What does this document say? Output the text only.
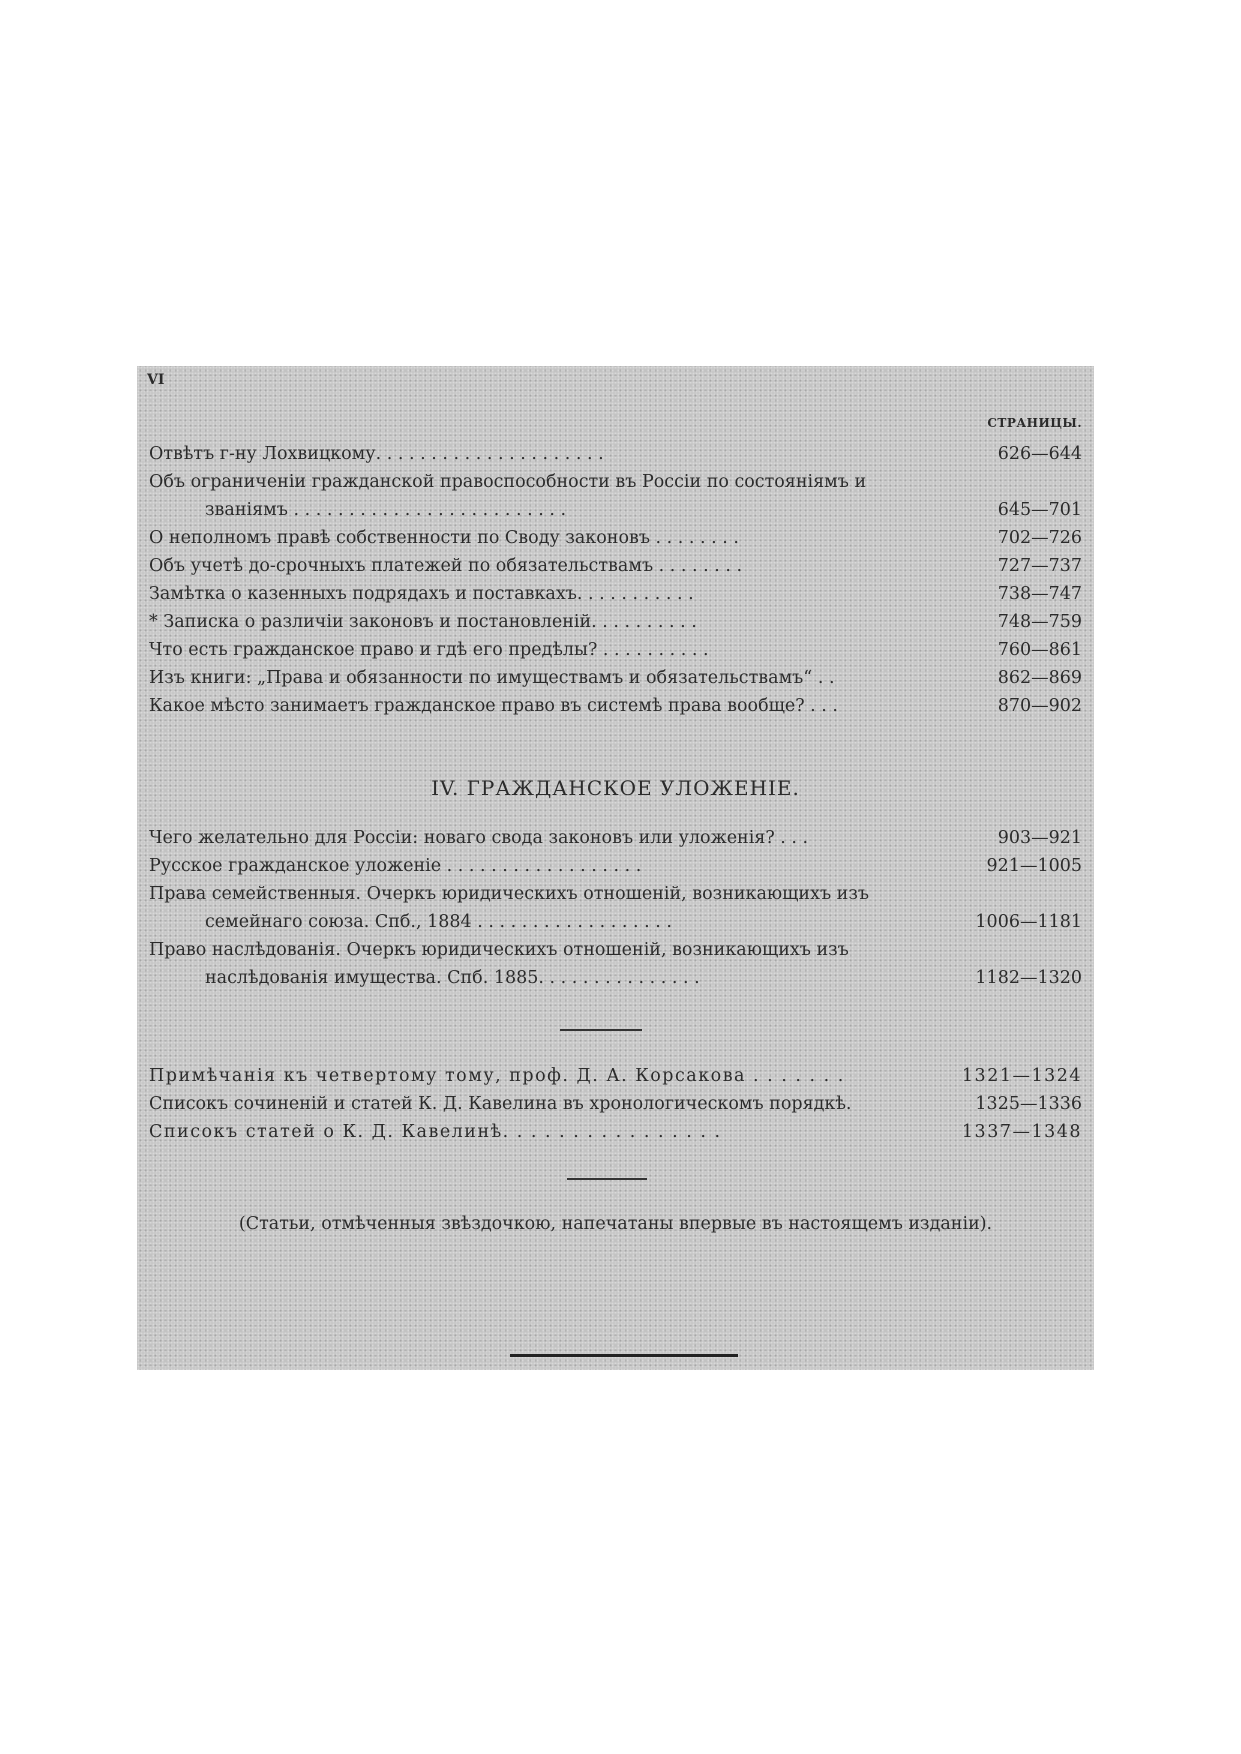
VI
СТРАНИЦЫ.
Отвѣтъ г-ну Лохвицкому. . . . . . . . . . . . . . . . . . . . .	626—644
Объ ограниченіи гражданской правоспособности въ Россіи по состояніямъ и
званіямъ . . . . . . . . . . . . . . . . . . . . . . . . .	645—701
О неполномъ правѣ собственности по Своду законовъ . . . . . . . .	702—726
Объ учетѣ до-срочныхъ платежей по обязательствамъ . . . . . . . .	727—737
Замѣтка о казенныхъ подрядахъ и поставкахъ. . . . . . . . . . .	738—747
* Записка о различіи законовъ и постановленій. . . . . . . . . .	748—759
Что есть гражданское право и гдѣ его предѣлы? . . . . . . . . . .	760—861
Изъ книги: „Права и обязанности по имуществамъ и обязательствамъ“ . .	862—869
Какое мѣсто занимаетъ гражданское право въ системѣ права вообще? . . .	870—902
IV. ГРАЖДАНСКОЕ УЛОЖЕНІЕ.
Чего желательно для Россіи: новаго свода законовъ или уложенія? . . .	903—921
Русское гражданское уложеніе . . . . . . . . . . . . . . . . . .	921—1005
Права семейственныя. Очеркъ юридическихъ отношеній, возникающихъ изъ
семейнаго союза. Спб., 1884 . . . . . . . . . . . . . . . . . .	1006—1181
Право наслѣдованія. Очеркъ юридическихъ отношеній, возникающихъ изъ
наслѣдованія имущества. Спб. 1885. . . . . . . . . . . . . . .	1182—1320
Примѣчанія къ четвертому тому, проф. Д. А. Корсакова . . . . . . .	1321—1324
Списокъ сочиненій и статей К. Д. Кавелина въ хронологическомъ порядкѣ.	1325—1336
Списокъ статей о К. Д. Кавелинѣ. . . . . . . . . . . . . . . .	1337—1348
(Статьи, отмѣченныя звѣздочкою, напечатаны впервые въ настоящемъ изданіи).
